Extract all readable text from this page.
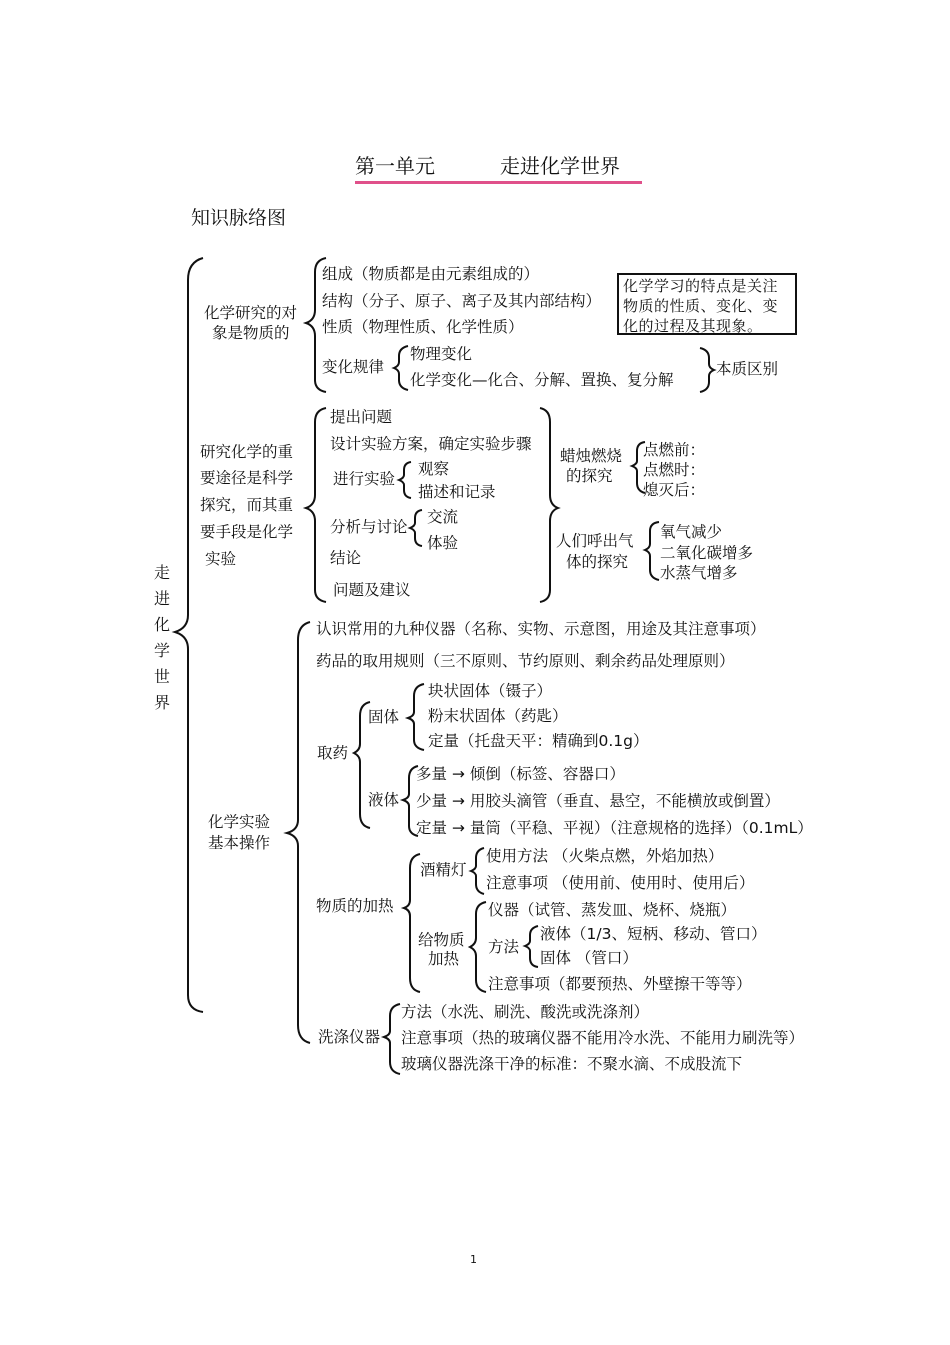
第一单元	走进化学世界
知识脉络图
走
进
化
学
世
界
化学研究的对
象是物质的
组成（物质都是由元素组成的）
结构（分子、原子、离子及其内部结构）
性质（物理性质、化学性质）
变化规律
物理变化
化学变化—化合、分解、置换、复分解
本质区别
化学学习的特点是关注物质的性质、变化、变化的过程及其现象。
研究化学的重
要途径是科学
探究，而其重
要手段是化学
实验
提出问题
设计实验方案，确定实验步骤
进行实验
观察
描述和记录
分析与讨论
交流
体验
结论
问题及建议
蜡烛燃烧
的探究
点燃前：
点燃时：
熄灭后：
人们呼出气
体的探究
氧气减少
二氧化碳增多
水蒸气增多
化学实验
基本操作
认识常用的九种仪器（名称、实物、示意图，用途及其注意事项）
药品的取用规则（三不原则、节约原则、剩余药品处理原则）
取药
固体
块状固体（镊子）
粉末状固体（药匙）
定量（托盘天平：精确到0.1g）
液体
多量 → 倾倒（标签、容器口）
少量 → 用胶头滴管（垂直、悬空，不能横放或倒置）
定量 → 量筒（平稳、平视）（注意规格的选择）（0.1mL）
物质的加热
酒精灯
使用方法 （火柴点燃，外焰加热）
注意事项 （使用前、使用时、使用后）
给物质
加热
仪器（试管、蒸发皿、烧杯、烧瓶）
方法
液体（1/3、短柄、移动、管口）
固体 （管口）
注意事项（都要预热、外壁擦干等等）
洗涤仪器
方法（水洗、刷洗、酸洗或洗涤剂）
注意事项（热的玻璃仪器不能用冷水洗、不能用力刷洗等）
玻璃仪器洗涤干净的标准：不聚水滴、不成股流下
1
